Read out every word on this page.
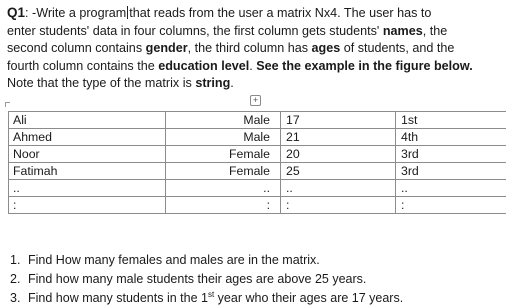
Q1: -Write a program that reads from the user a matrix Nx4. The user has to
enter students' data in four columns, the first column gets students' names, the
second column contains gender, the third column has ages of students, and the
fourth column contains the education level. See the example in the figure below.
Note that the type of the matrix is string.
+
Ali	Male	17	1st
Ahmed	Male	21	4th
Noor	Female	20	3rd
Fatimah	Female	25	3rd
..	..	..	..
:	:	:	:
1. Find How many females and males are in the matrix.
2. Find how many male students their ages are above 25 years.
3. Find how many students in the 1st year who their ages are 17 years.
